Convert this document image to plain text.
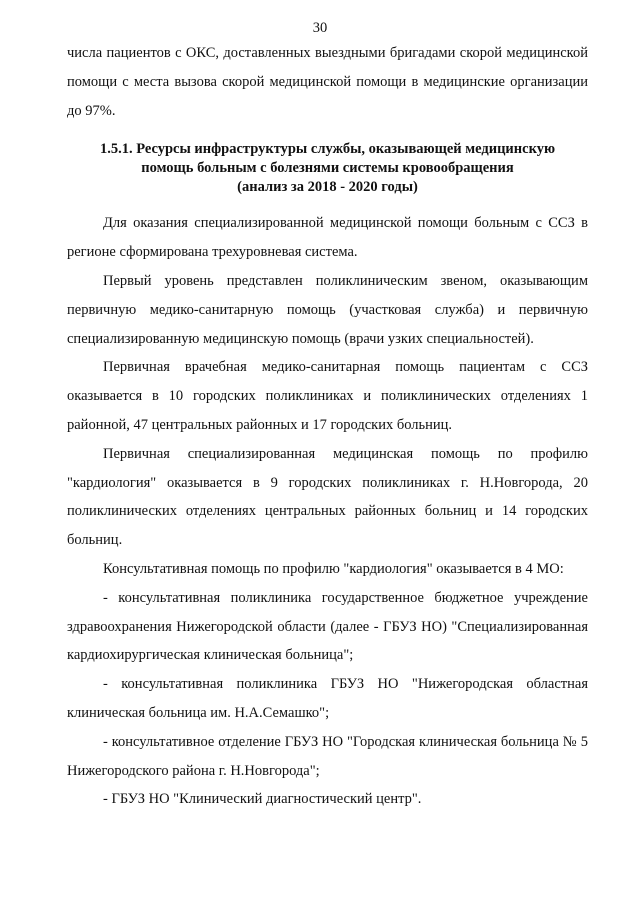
30

числа пациентов с ОКС, доставленных выездными бригадами скорой медицинской помощи с места вызова скорой медицинской помощи в медицинские организации до 97%.

1.5.1. Ресурсы инфраструктуры службы, оказывающей медицинскую
помощь больным с болезнями системы кровообращения
(анализ за 2018 - 2020 годы)

Для оказания специализированной медицинской помощи больным с ССЗ в регионе сформирована трехуровневая система.

Первый уровень представлен поликлиническим звеном, оказывающим первичную медико-санитарную помощь (участковая служба) и первичную специализированную медицинскую помощь (врачи узких специальностей).

Первичная врачебная медико-санитарная помощь пациентам с ССЗ оказывается в 10 городских поликлиниках и поликлинических отделениях 1 районной, 47 центральных районных и 17 городских больниц.

Первичная специализированная медицинская помощь по профилю "кардиология" оказывается в 9 городских поликлиниках г. Н.Новгорода, 20 поликлинических отделениях центральных районных больниц и 14 городских больниц.

Консультативная помощь по профилю "кардиология" оказывается в 4 МО:

- консультативная поликлиника государственное бюджетное учреждение здравоохранения Нижегородской области (далее - ГБУЗ НО) "Специализированная кардиохирургическая клиническая больница";

- консультативная поликлиника ГБУЗ НО "Нижегородская областная клиническая больница им. Н.А.Семашко";

- консультативное отделение ГБУЗ НО "Городская клиническая больница № 5 Нижегородского района г. Н.Новгорода";

- ГБУЗ НО "Клинический диагностический центр".
